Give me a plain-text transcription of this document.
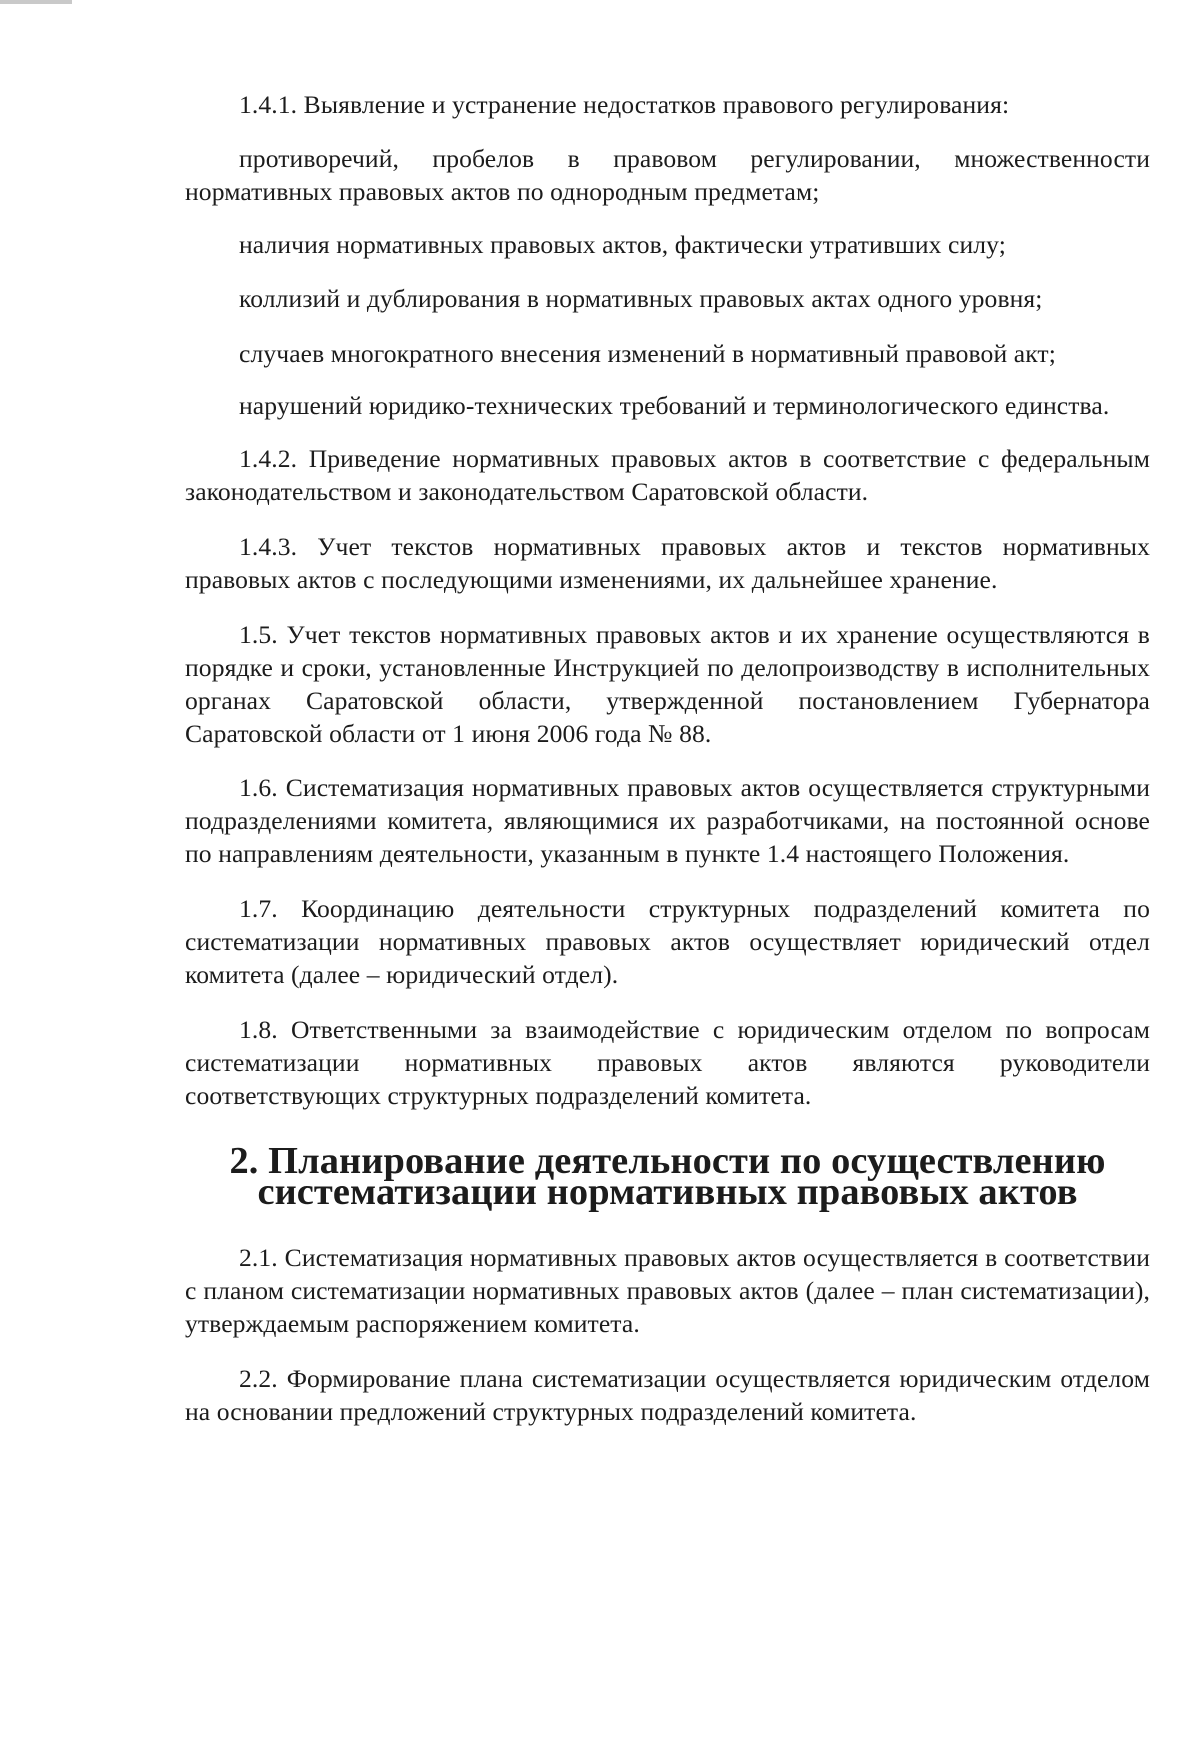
1.4.1. Выявление и устранение недостатков правового регулирования:

противоречий, пробелов в правовом регулировании, множественности нормативных правовых актов по однородным предметам;

наличия нормативных правовых актов, фактически утративших силу;

коллизий и дублирования в нормативных правовых актах одного уровня;

случаев многократного внесения изменений в нормативный правовой акт;

нарушений юридико-технических требований и терминологического единства.

1.4.2. Приведение нормативных правовых актов в соответствие с федеральным законодательством и законодательством Саратовской области.

1.4.3. Учет текстов нормативных правовых актов и текстов нормативных правовых актов с последующими изменениями, их дальнейшее хранение.

1.5. Учет текстов нормативных правовых актов и их хранение осуществляются в порядке и сроки, установленные Инструкцией по делопроизводству в исполнительных органах Саратовской области, утвержденной постановлением Губернатора Саратовской области от 1 июня 2006 года № 88.

1.6. Систематизация нормативных правовых актов осуществляется структурными подразделениями комитета, являющимися их разработчиками, на постоянной основе по направлениям деятельности, указанным в пункте 1.4 настоящего Положения.

1.7. Координацию деятельности структурных подразделений комитета по систематизации нормативных правовых актов осуществляет юридический отдел комитета (далее – юридический отдел).

1.8. Ответственными за взаимодействие с юридическим отделом по вопросам систематизации нормативных правовых актов являются руководители соответствующих структурных подразделений комитета.

2. Планирование деятельности по осуществлению систематизации нормативных правовых актов

2.1. Систематизация нормативных правовых актов осуществляется в соответствии с планом систематизации нормативных правовых актов (далее – план систематизации), утверждаемым распоряжением комитета.

2.2. Формирование плана систематизации осуществляется юридическим отделом на основании предложений структурных подразделений комитета.
